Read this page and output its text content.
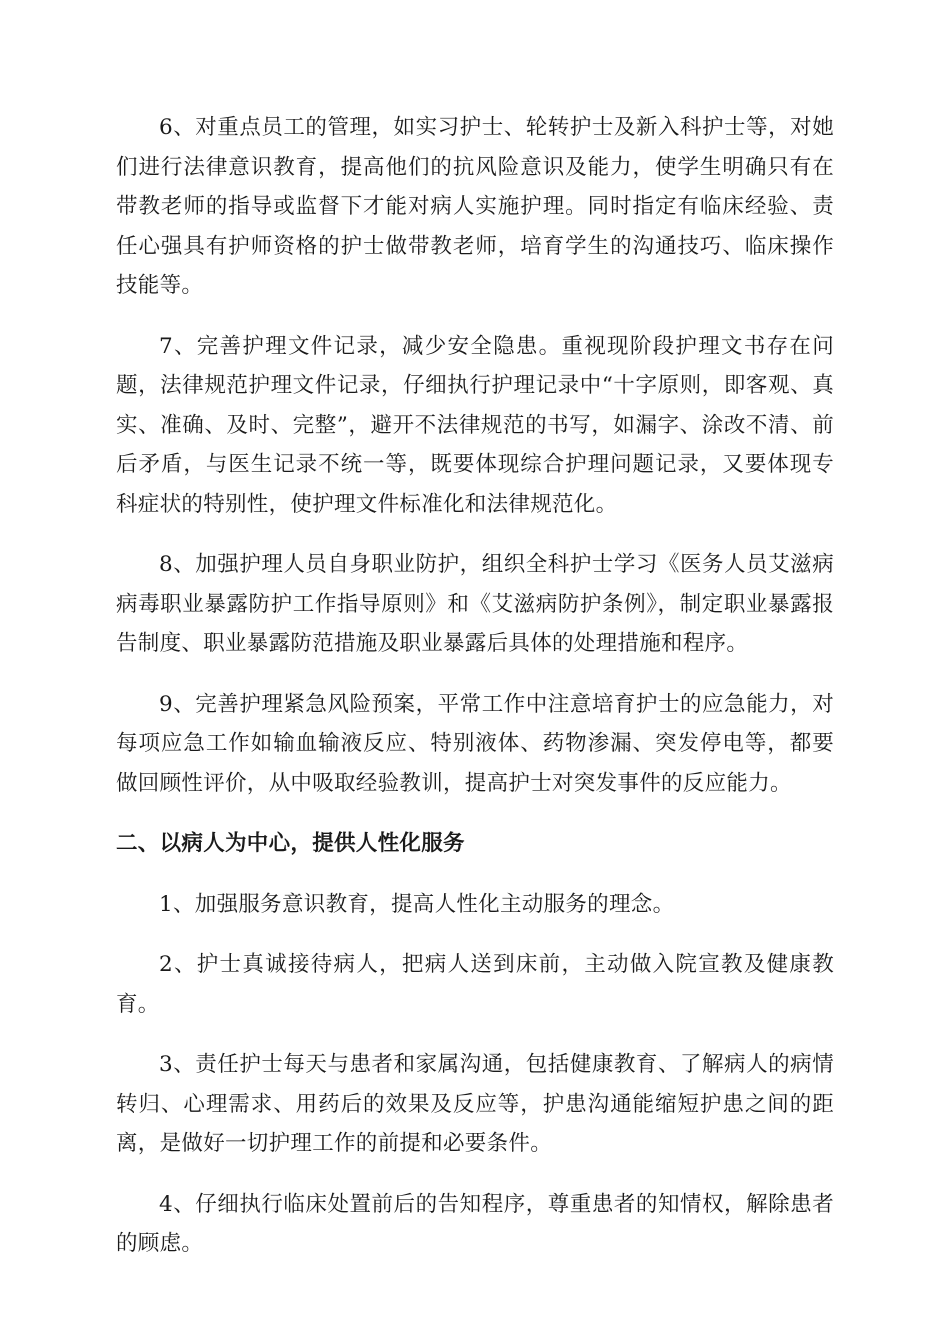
6、对重点员工的管理，如实习护士、轮转护士及新入科护士等，对她们进行法律意识教育，提高他们的抗风险意识及能力，使学生明确只有在带教老师的指导或监督下才能对病人实施护理。同时指定有临床经验、责任心强具有护师资格的护士做带教老师，培育学生的沟通技巧、临床操作技能等。

7、完善护理文件记录，减少安全隐患。重视现阶段护理文书存在问题，法律规范护理文件记录，仔细执行护理记录中“十字原则，即客观、真实、准确、及时、完整”，避开不法律规范的书写，如漏字、涂改不清、前后矛盾，与医生记录不统一等，既要体现综合护理问题记录，又要体现专科症状的特别性，使护理文件标准化和法律规范化。

8、加强护理人员自身职业防护，组织全科护士学习《医务人员艾滋病病毒职业暴露防护工作指导原则》和《艾滋病防护条例》，制定职业暴露报告制度、职业暴露防范措施及职业暴露后具体的处理措施和程序。

9、完善护理紧急风险预案，平常工作中注意培育护士的应急能力，对每项应急工作如输血输液反应、特别液体、药物渗漏、突发停电等，都要做回顾性评价，从中吸取经验教训，提高护士对突发事件的反应能力。

二、以病人为中心，提供人性化服务

1、加强服务意识教育，提高人性化主动服务的理念。

2、护士真诚接待病人，把病人送到床前，主动做入院宣教及健康教育。

3、责任护士每天与患者和家属沟通，包括健康教育、了解病人的病情转归、心理需求、用药后的效果及反应等，护患沟通能缩短护患之间的距离，是做好一切护理工作的前提和必要条件。

4、仔细执行临床处置前后的告知程序，尊重患者的知情权，解除患者的顾虑。
